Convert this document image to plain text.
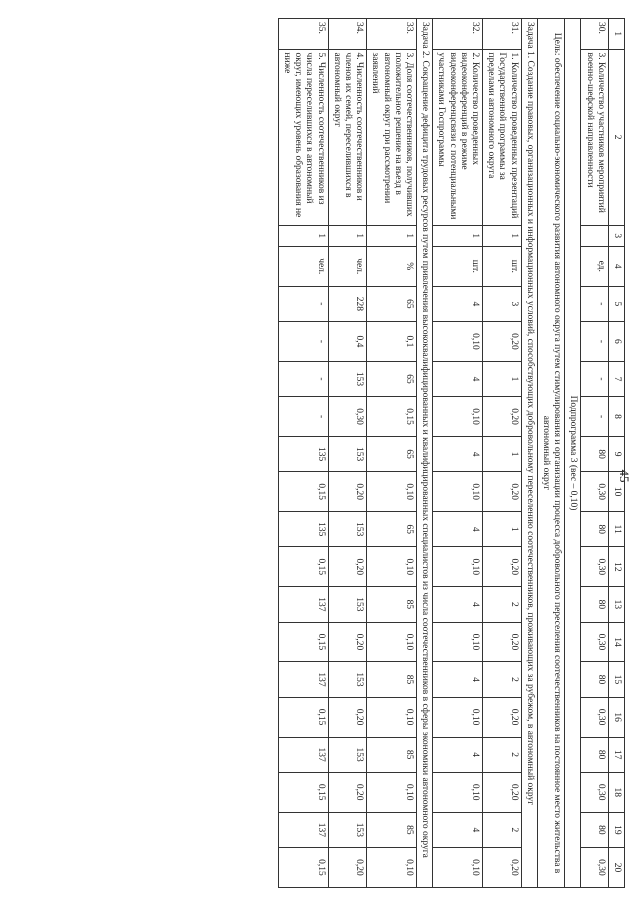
45
1	2	3	4	5	6	7	8	9	10	11	12	13	14	15	16	17	18	19	20
30.	3. Количество участников мероприятий военно-шефской направленности		ед.	-	-	-	-	80	0,30	80	0,30	80	0,30	80	0,30	80	0,30	80	0,30
Подпрограмма 3 (вес – 0,10)																			
Цель: обеспечение социально-экономического развития автономного округа путем стимулирования и организации процесса добровольного переселения соотечественников на постоянное место жительства в автономный округ																			
Задача 1. Создание правовых, организационных и информационных условий, способствующих добровольному переселению соотечественников, проживающих за рубежом, в автономный округ																			
31.	1. Количество проведенных презентаций Государственной программы за пределами автономного округа	1	шт.	3	0,20	1	0,20	1	0,20	1	0,20	2	0,20	2	0,20	2	0,20	2	0,20
32.	2. Количество проведенных видеоконференций в режиме видеоконференцсвязи с потенциальными участниками Госпрограммы	1	шт.	4	0,10	4	0,10	4	0,10	4	0,10	4	0,10	4	0,10	4	0,10	4	0,10
Задача 2. Сокращение дефицита трудовых ресурсов путем привлечения высококвалифицированных и квалифицированных специалистов из числа соотечественников в сферы экономики автономного округа																			
33.	3. Доля соотечественников, получивших положительное решение на въезд в автономный округ при рассмотрении заявлений	1	%	65	0,1	65	0,15	65	0,10	65	0,10	85	0,10	85	0,10	85	0,10	85	0,10
34.	4. Численность соотечественников и членов их семей, переселившихся в автономный округ	1	чел.	228	0,4	153	0,30	153	0,20	153	0,20	153	0,20	153	0,20	153	0,20	153	0,20
35.	5. Численность соотечественников из числа переселившихся в автономный округ, имеющих уровень образования не ниже	1	чел.	-	-	-	-	135	0,15	135	0,15	137	0,15	137	0,15	137	0,15	137	0,15
